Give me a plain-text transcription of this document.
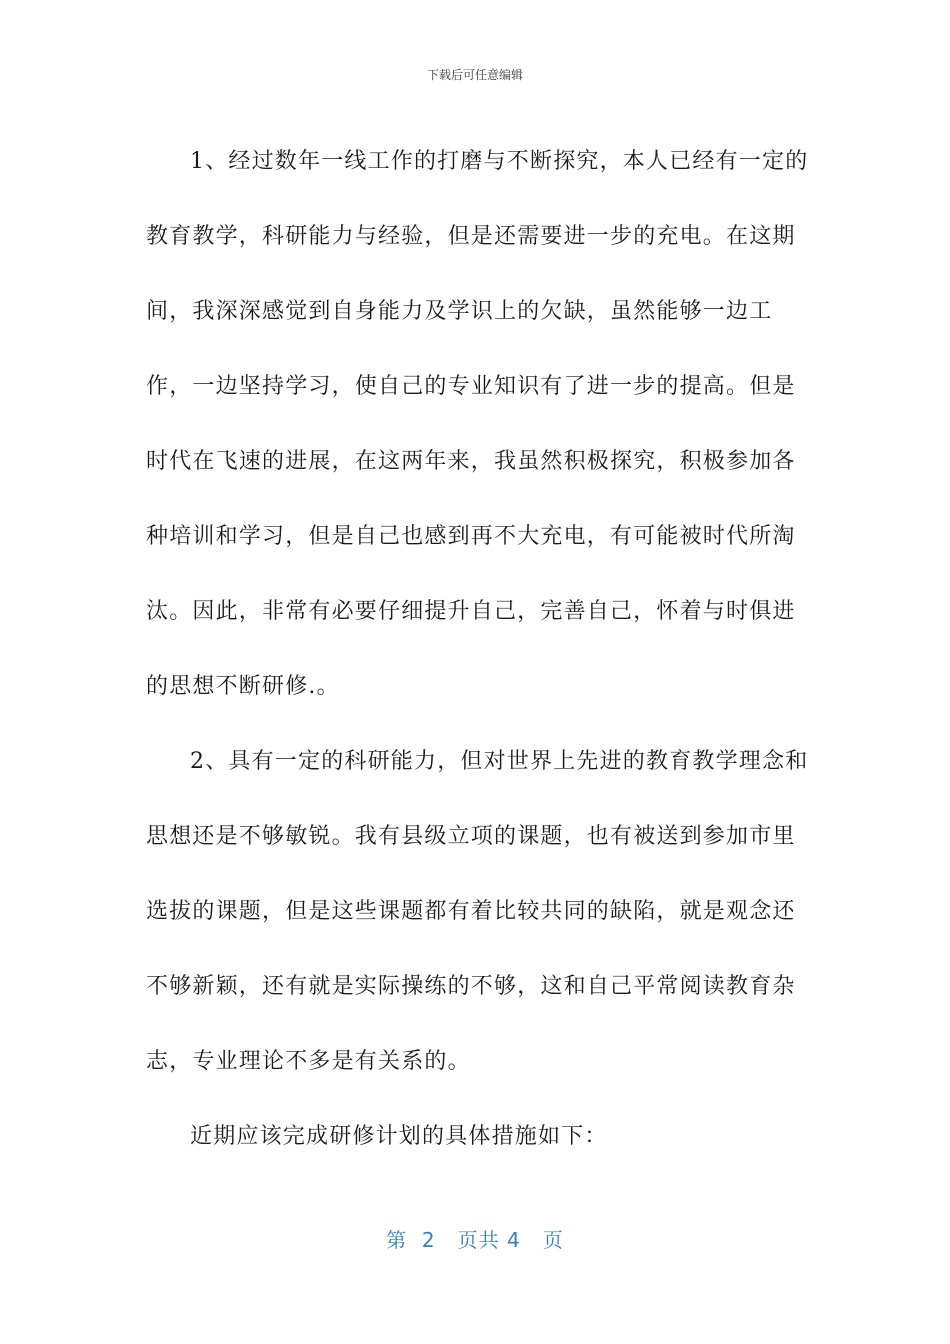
下载后可任意编辑

1、经过数年一线工作的打磨与不断探究，本人已经有一定的教育教学，科研能力与经验，但是还需要进一步的充电。在这期间，我深深感觉到自身能力及学识上的欠缺，虽然能够一边工作，一边坚持学习，使自己的专业知识有了进一步的提高。但是时代在飞速的进展，在这两年来，我虽然积极探究，积极参加各种培训和学习，但是自己也感到再不大充电，有可能被时代所淘汰。因此，非常有必要仔细提升自己，完善自己，怀着与时俱进的思想不断研修.。

2、具有一定的科研能力，但对世界上先进的教育教学理念和思想还是不够敏锐。我有县级立项的课题，也有被送到参加市里选拔的课题，但是这些课题都有着比较共同的缺陷，就是观念还不够新颖，还有就是实际操练的不够，这和自己平常阅读教育杂志，专业理论不多是有关系的。

近期应该完成研修计划的具体措施如下：

第 2 页共 4 页
